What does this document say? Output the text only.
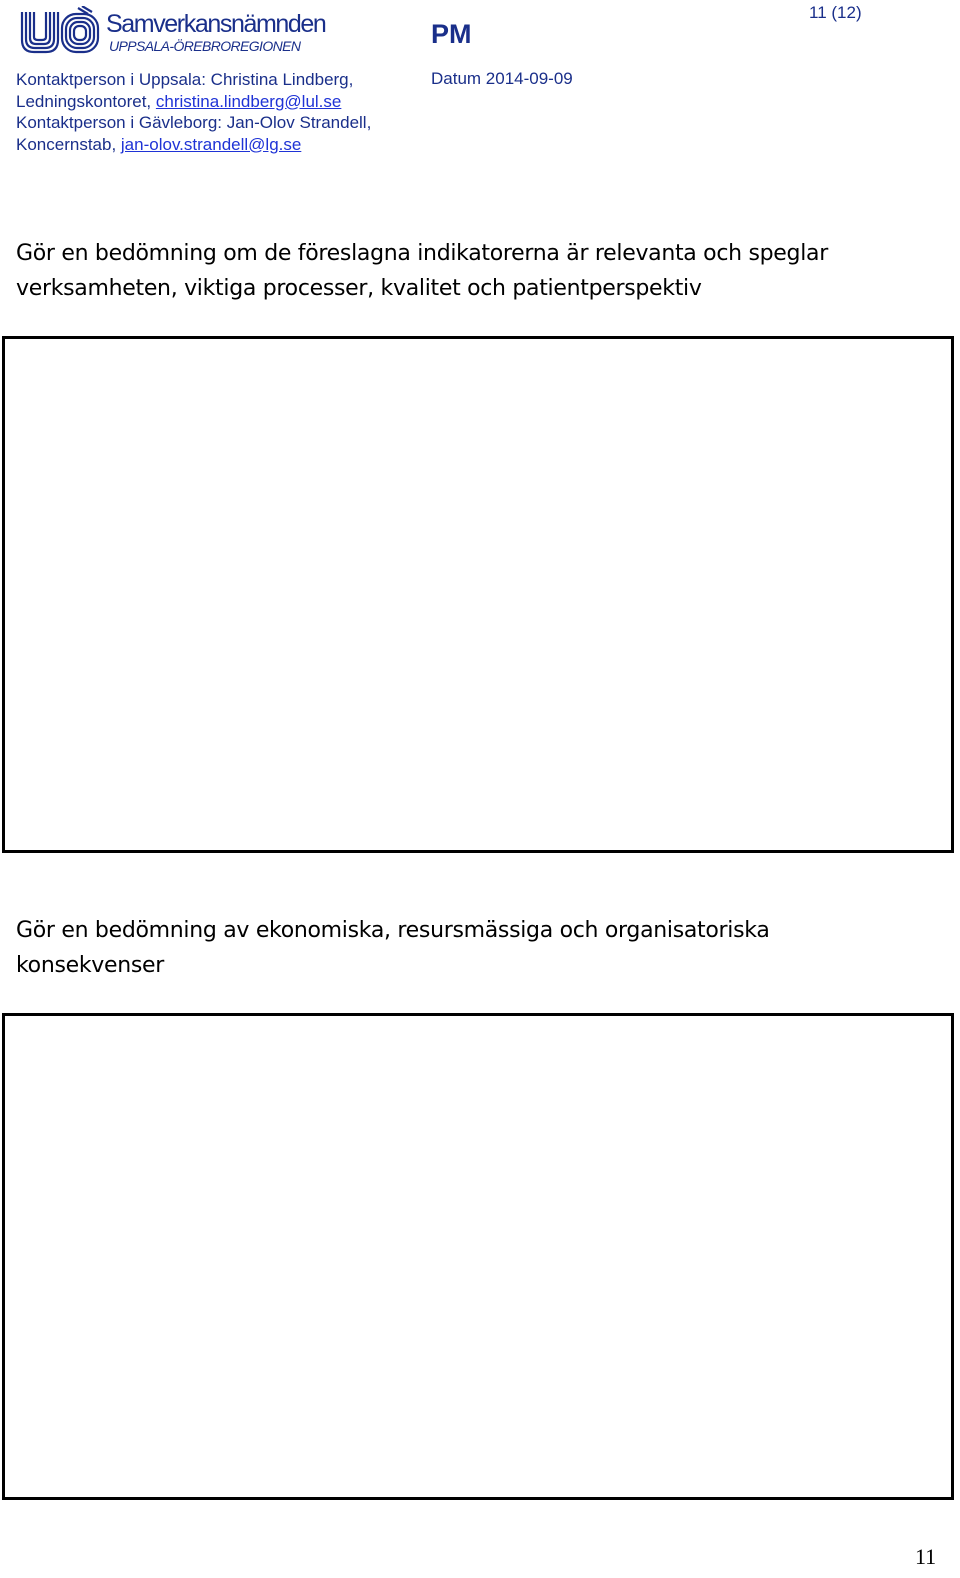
Samverkansnämnden
UPPSALA-ÖREBROREGIONEN	PM
11 (12)
Datum 2014-09-09
Kontaktperson i Uppsala: Christina Lindberg,
Ledningskontoret, christina.lindberg@lul.se
Kontaktperson i Gävleborg: Jan-Olov Strandell,
Koncernstab, jan-olov.strandell@lg.se
Gör en bedömning om de föreslagna indikatorerna är relevanta och speglar
verksamheten, viktiga processer, kvalitet och patientperspektiv
Gör en bedömning av ekonomiska, resursmässiga och organisatoriska
konsekvenser
11
